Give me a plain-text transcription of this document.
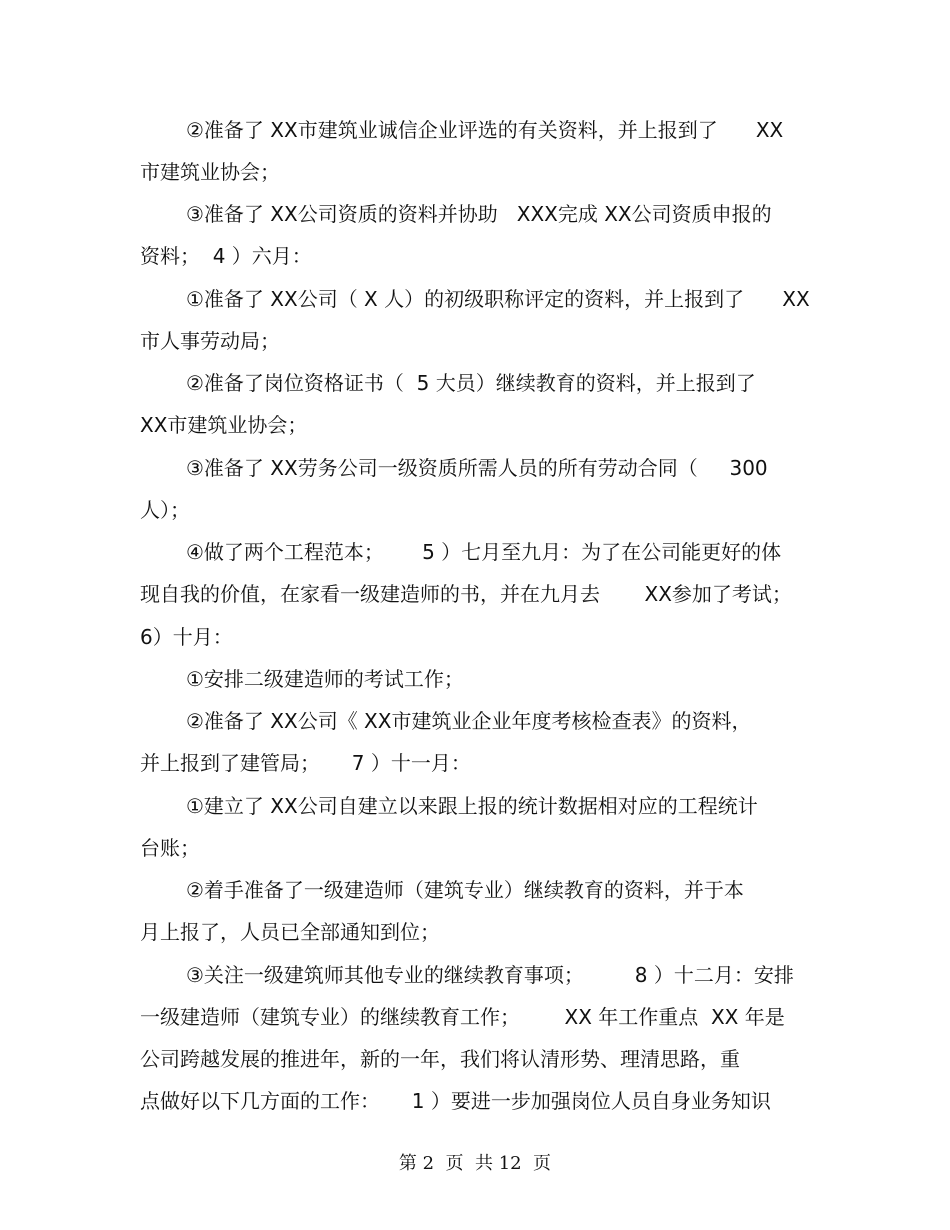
②准备了 XX市建筑业诚信企业评选的有关资料，并上报到了      XX
市建筑业协会；
③准备了 XX公司资质的资料并协助   XXX完成 XX公司资质申报的
资料；  4 ）六月：
①准备了 XX公司（ X 人）的初级职称评定的资料，并上报到了      XX
市人事劳动局；
②准备了岗位资格证书（  5 大员）继续教育的资料，并上报到了
XX市建筑业协会；
③准备了 XX劳务公司一级资质所需人员的所有劳动合同（     300
人）；
④做了两个工程范本；      5 ）七月至九月：为了在公司能更好的体
现自我的价值，在家看一级建造师的书，并在九月去       XX参加了考试；
6）十月：
①安排二级建造师的考试工作；
②准备了 XX公司《 XX市建筑业企业年度考核检查表》的资料，
并上报到了建管局；     7 ）十一月：
①建立了 XX公司自建立以来跟上报的统计数据相对应的工程统计
台账；
②着手准备了一级建造师（建筑专业）继续教育的资料，并于本
月上报了，人员已全部通知到位；
③关注一级建筑师其他专业的继续教育事项；        8 ）十二月：安排
一级建造师（建筑专业）的继续教育工作；       XX 年工作重点  XX 年是
公司跨越发展的推进年，新的一年，我们将认清形势、理清思路，重
点做好以下几方面的工作：     1 ）要进一步加强岗位人员自身业务知识
第 2  页  共 12  页
